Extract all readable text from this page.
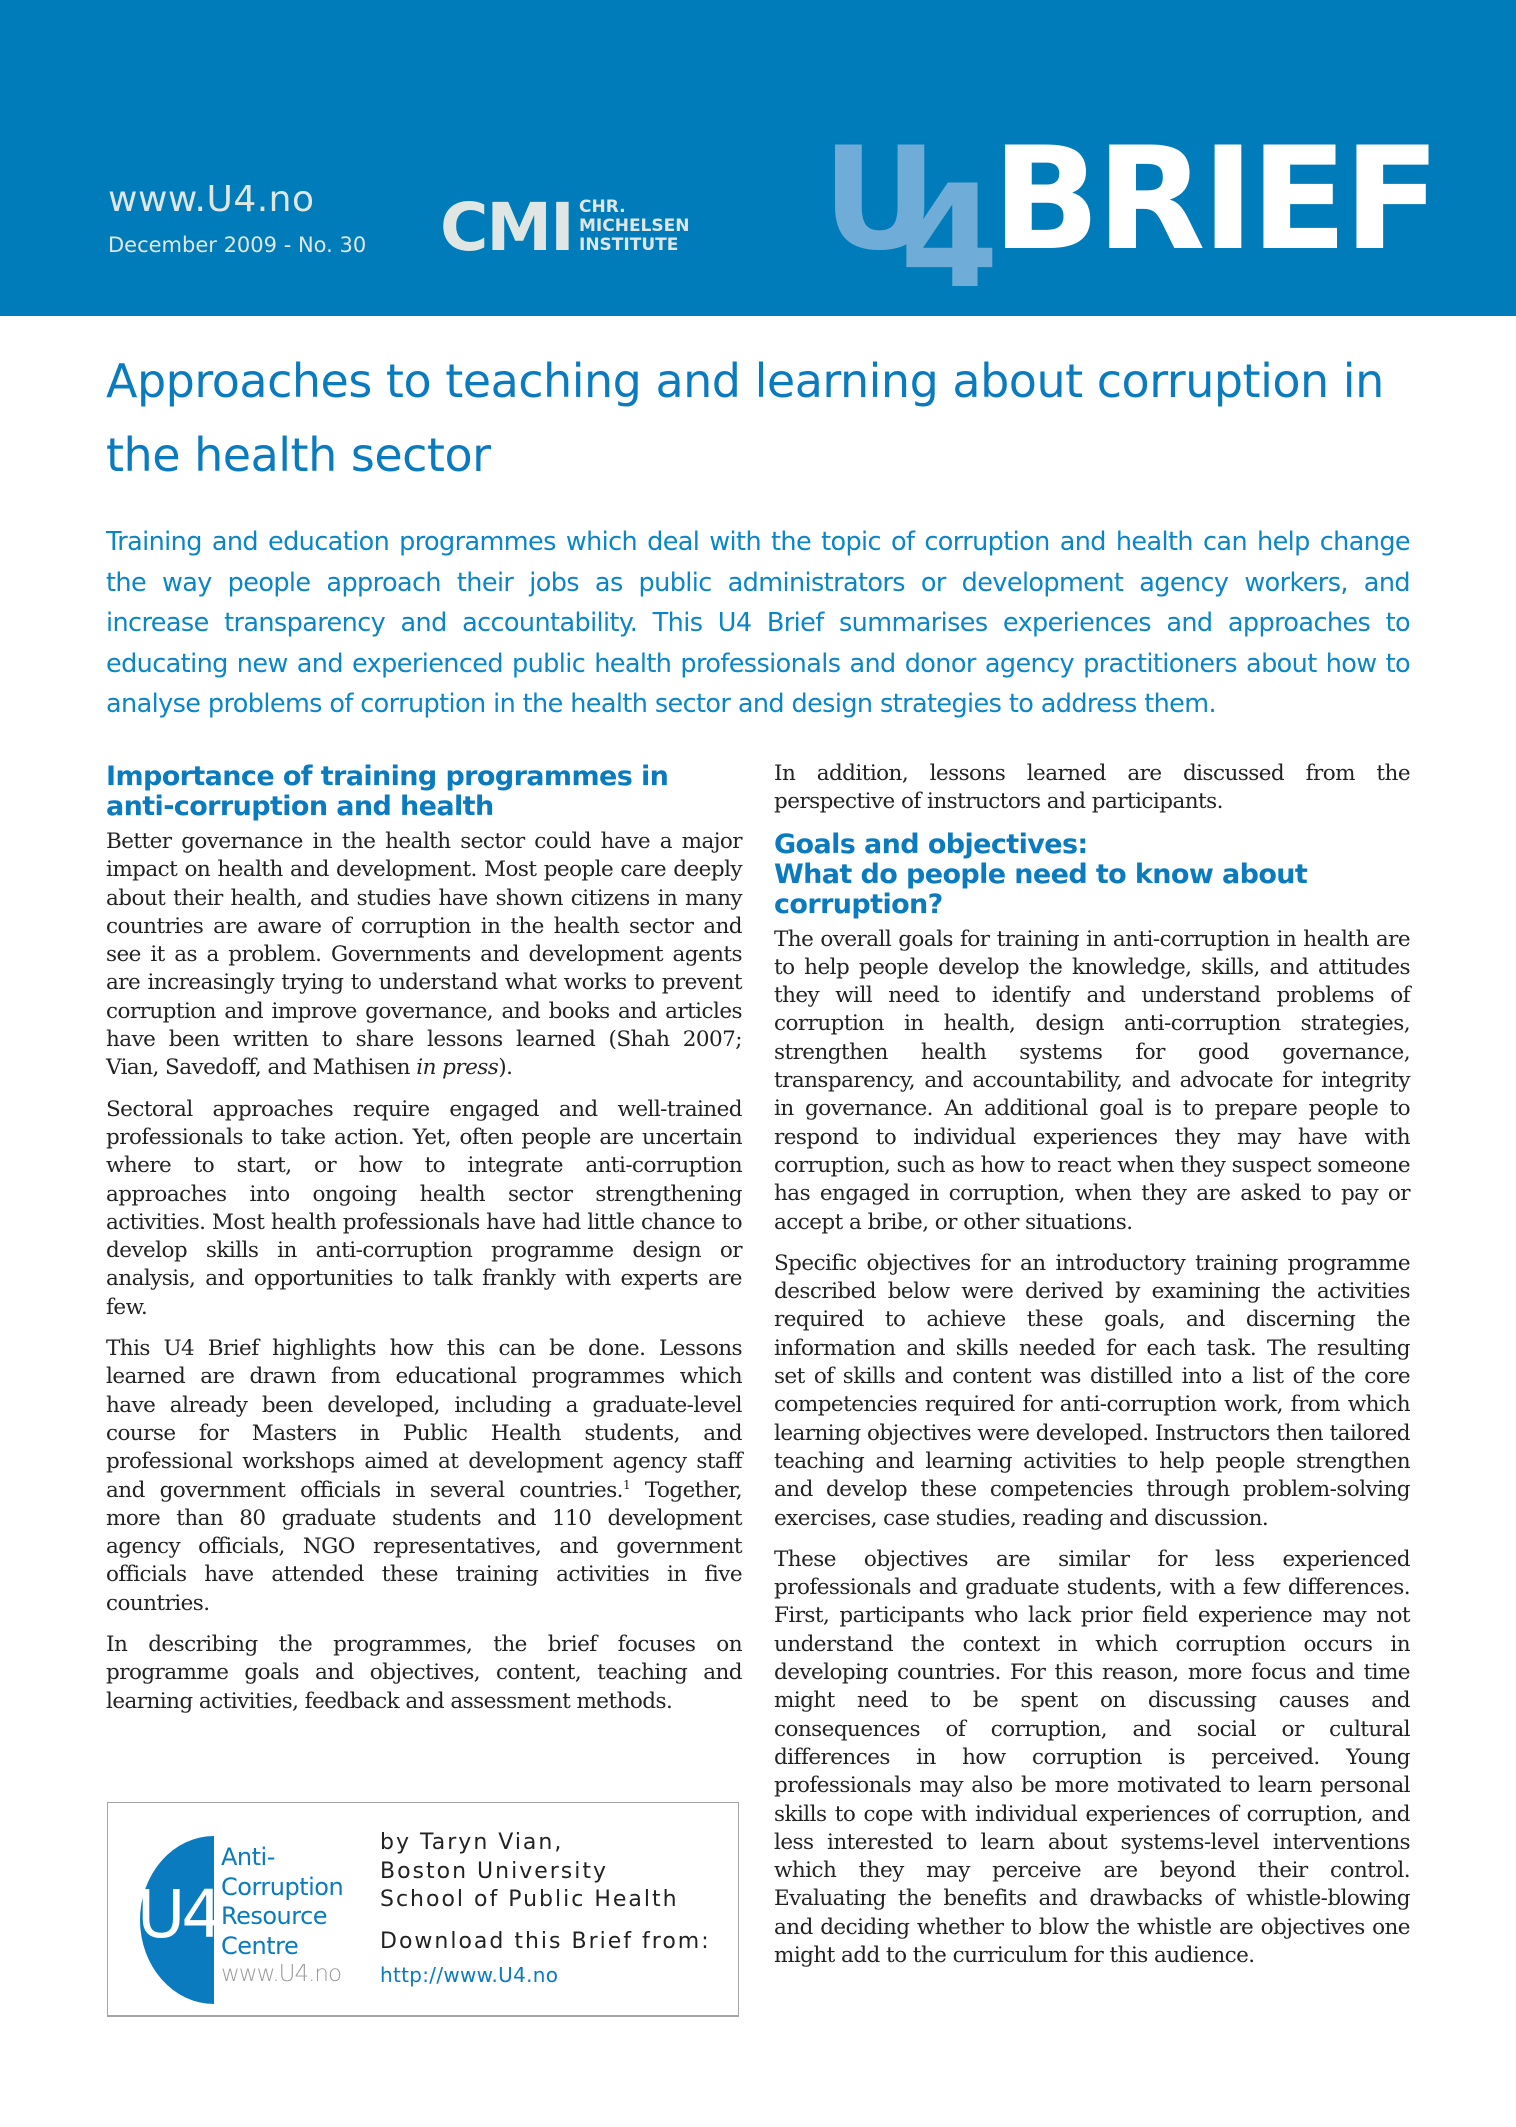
www.U4.no
December 2009 - No. 30 CMI CHR.
MICHELSEN
INSTITUTE U
4
BRIEF
Approaches to teaching and learning about corruption in the health sector

Training and education programmes which deal with the topic of corruption and health can help change the way people approach their jobs as public administrators or development agency workers, and increase transparency and accountability. This U4 Brief summarises experiences and approaches to educating new and experienced public health professionals and donor agency practitioners about how to analyse problems of corruption in the health sector and design strategies to address them.

Importance of training programmes in anti-corruption and health

Better governance in the health sector could have a major impact on health and development. Most people care deeply about their health, and studies have shown citizens in many countries are aware of corruption in the health sector and see it as a problem. Governments and development agents are increasingly trying to understand what works to prevent corruption and improve governance, and books and articles have been written to share lessons learned (Shah 2007; Vian, Savedoff, and Mathisen in press).

Sectoral approaches require engaged and well-trained professionals to take action. Yet, often people are uncertain where to start, or how to integrate anti-corruption approaches into ongoing health sector strengthening activities. Most health professionals have had little chance to develop skills in anti-corruption programme design or analysis, and opportunities to talk frankly with experts are few.

This U4 Brief highlights how this can be done. Lessons learned are drawn from educational programmes which have already been developed, including a graduate-level course for Masters in Public Health students, and professional workshops aimed at development agency staff and government officials in several countries.$^1$ Together, more than 80 graduate students and 110 development agency officials, NGO representatives, and government officials have attended these training activities in five countries.

In describing the programmes, the brief focuses on programme goals and objectives, content, teaching and learning activities, feedback and assessment methods.

In addition, lessons learned are discussed from the perspective of instructors and participants.

Goals and objectives:
What do people need to know about corruption?

The overall goals for training in anti-corruption in health are to help people develop the knowledge, skills, and attitudes they will need to identify and understand problems of corruption in health, design anti-corruption strategies, strengthen health systems for good governance, transparency, and accountability, and advocate for integrity in governance. An additional goal is to prepare people to respond to individual experiences they may have with corruption, such as how to react when they suspect someone has engaged in corruption, when they are asked to pay or accept a bribe, or other situations.

Specific objectives for an introductory training programme described below were derived by examining the activities required to achieve these goals, and discerning the information and skills needed for each task. The resulting set of skills and content was distilled into a list of the core competencies required for anti-corruption work, from which learning objectives were developed. Instructors then tailored teaching and learning activities to help people strengthen and develop these competencies through problem-solving exercises, case studies, reading and discussion.

These objectives are similar for less experienced professionals and graduate students, with a few differences. First, participants who lack prior field experience may not understand the context in which corruption occurs in developing countries. For this reason, more focus and time might need to be spent on discussing causes and consequences of corruption, and social or cultural differences in how corruption is perceived. Young professionals may also be more motivated to learn personal skills to cope with individual experiences of corruption, and less interested to learn about systems-level interventions which they may perceive are beyond their control. Evaluating the benefits and drawbacks of whistle-blowing and deciding whether to blow the whistle are objectives one might add to the curriculum for this audience.

U4
Anti-
Corruption
Resource
Centre
www.U4.no
by Taryn Vian,
Boston University
School of Public Health
Download this Brief from:
http://www.U4.no
